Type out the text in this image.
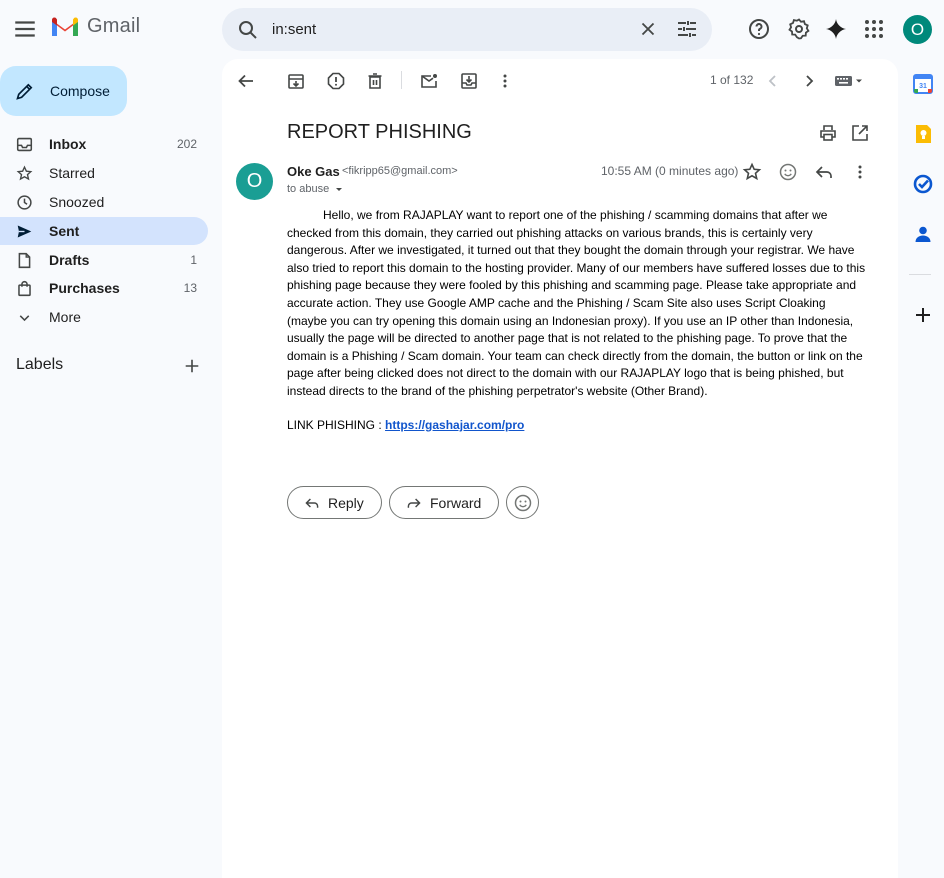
Gmail
in:sent	O
Compose
Inbox	202
Starred
Snoozed
Sent
Drafts	1
Purchases	13
More
Labels
1 of 132
REPORT PHISHING
O	Oke Gas <fikripp65@gmail.com>
to abuse
10:55 AM (0 minutes ago)
Hello, we from RAJAPLAY want to report one of the phishing / scamming domains that after we checked from this domain, they carried out phishing attacks on various brands, this is certainly very dangerous. After we investigated, it turned out that they bought the domain through your registrar. We have also tried to report this domain to the hosting provider. Many of our members have suffered losses due to this phishing page because they were fooled by this phishing and scamming page. Please take appropriate and accurate action. They use Google AMP cache and the Phishing / Scam Site also uses Script Cloaking (maybe you can try opening this domain using an Indonesian proxy). If you use an IP other than Indonesia, usually the page will be directed to another page that is not related to the phishing page. To prove that the domain is a Phishing / Scam domain. Your team can check directly from the domain, the button or link on the page after being clicked does not direct to the domain with our RAJAPLAY logo that is being phished, but instead directs to the brand of the phishing perpetrator's website (Other Brand).
LINK PHISHING : https://gashajar.com/pro
Reply	Forward
31
